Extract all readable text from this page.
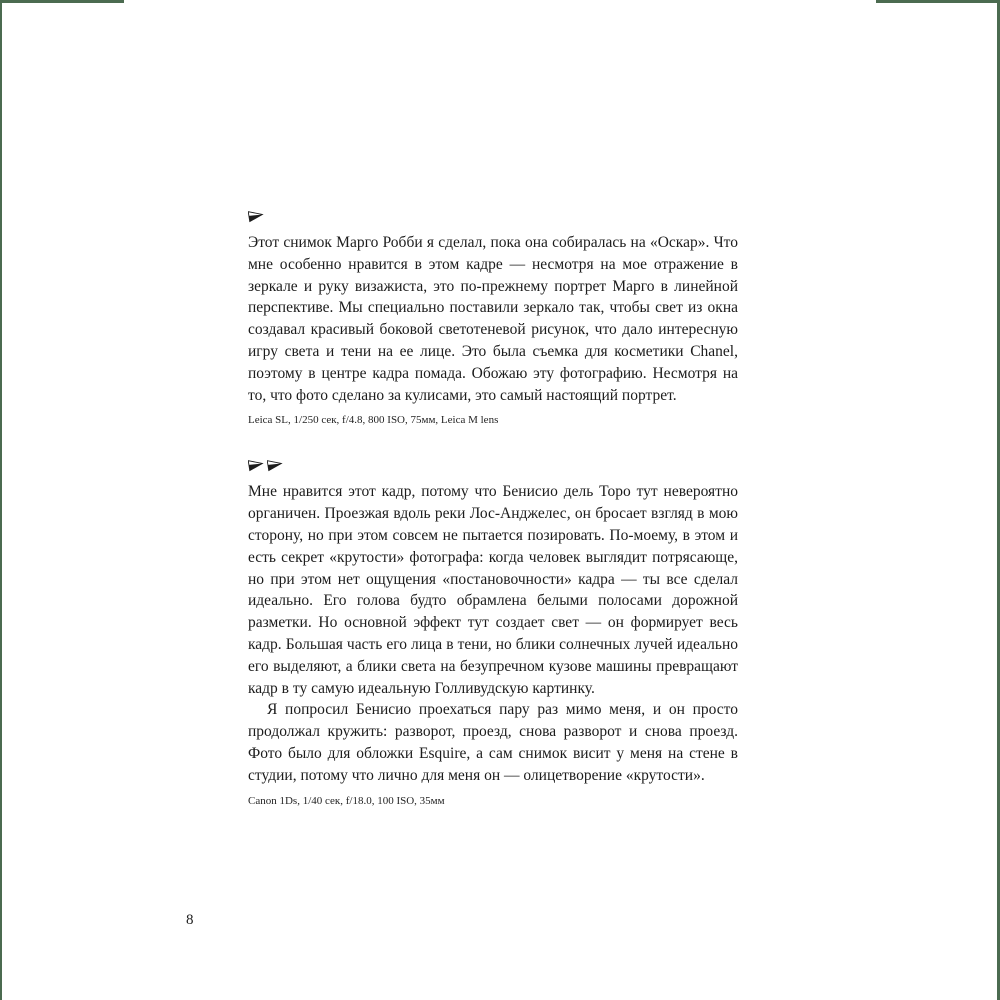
Этот снимок Марго Робби я сделал, пока она собиралась на «Оскар». Что мне особенно нравится в этом кадре — несмотря на мое отражение в зеркале и руку визажиста, это по-прежнему портрет Марго в линейной перспективе. Мы специально поставили зеркало так, чтобы свет из окна создавал красивый боковой светотеневой рисунок, что дало интересную игру света и тени на ее лице. Это была съемка для косметики Chanel, поэтому в центре кадра помада. Обожаю эту фотографию. Несмотря на то, что фото сделано за кулисами, это самый настоящий портрет.

Leica SL, 1/250 сек, f/4.8, 800 ISO, 75мм, Leica M lens

Мне нравится этот кадр, потому что Бенисио дель Торо тут невероятно органичен. Проезжая вдоль реки Лос-Анджелес, он бросает взгляд в мою сторону, но при этом совсем не пытается позировать. По-моему, в этом и есть секрет «крутости» фотографа: когда человек выглядит потрясающе, но при этом нет ощущения «постановочности» кадра — ты все сделал идеально. Его голова будто обрамлена белыми полосами дорожной разметки. Но основной эффект тут создает свет — он формирует весь кадр. Большая часть его лица в тени, но блики солнечных лучей идеально его выделяют, а блики света на безупречном кузове машины превращают кадр в ту самую идеальную Голливудскую картинку.

Я попросил Бенисио проехаться пару раз мимо меня, и он просто продолжал кружить: разворот, проезд, снова разворот и снова проезд. Фото было для обложки Esquire, а сам снимок висит у меня на стене в студии, потому что лично для меня он — олицетворение «крутости».

Canon 1Ds, 1/40 сек, f/18.0, 100 ISO, 35мм
8
